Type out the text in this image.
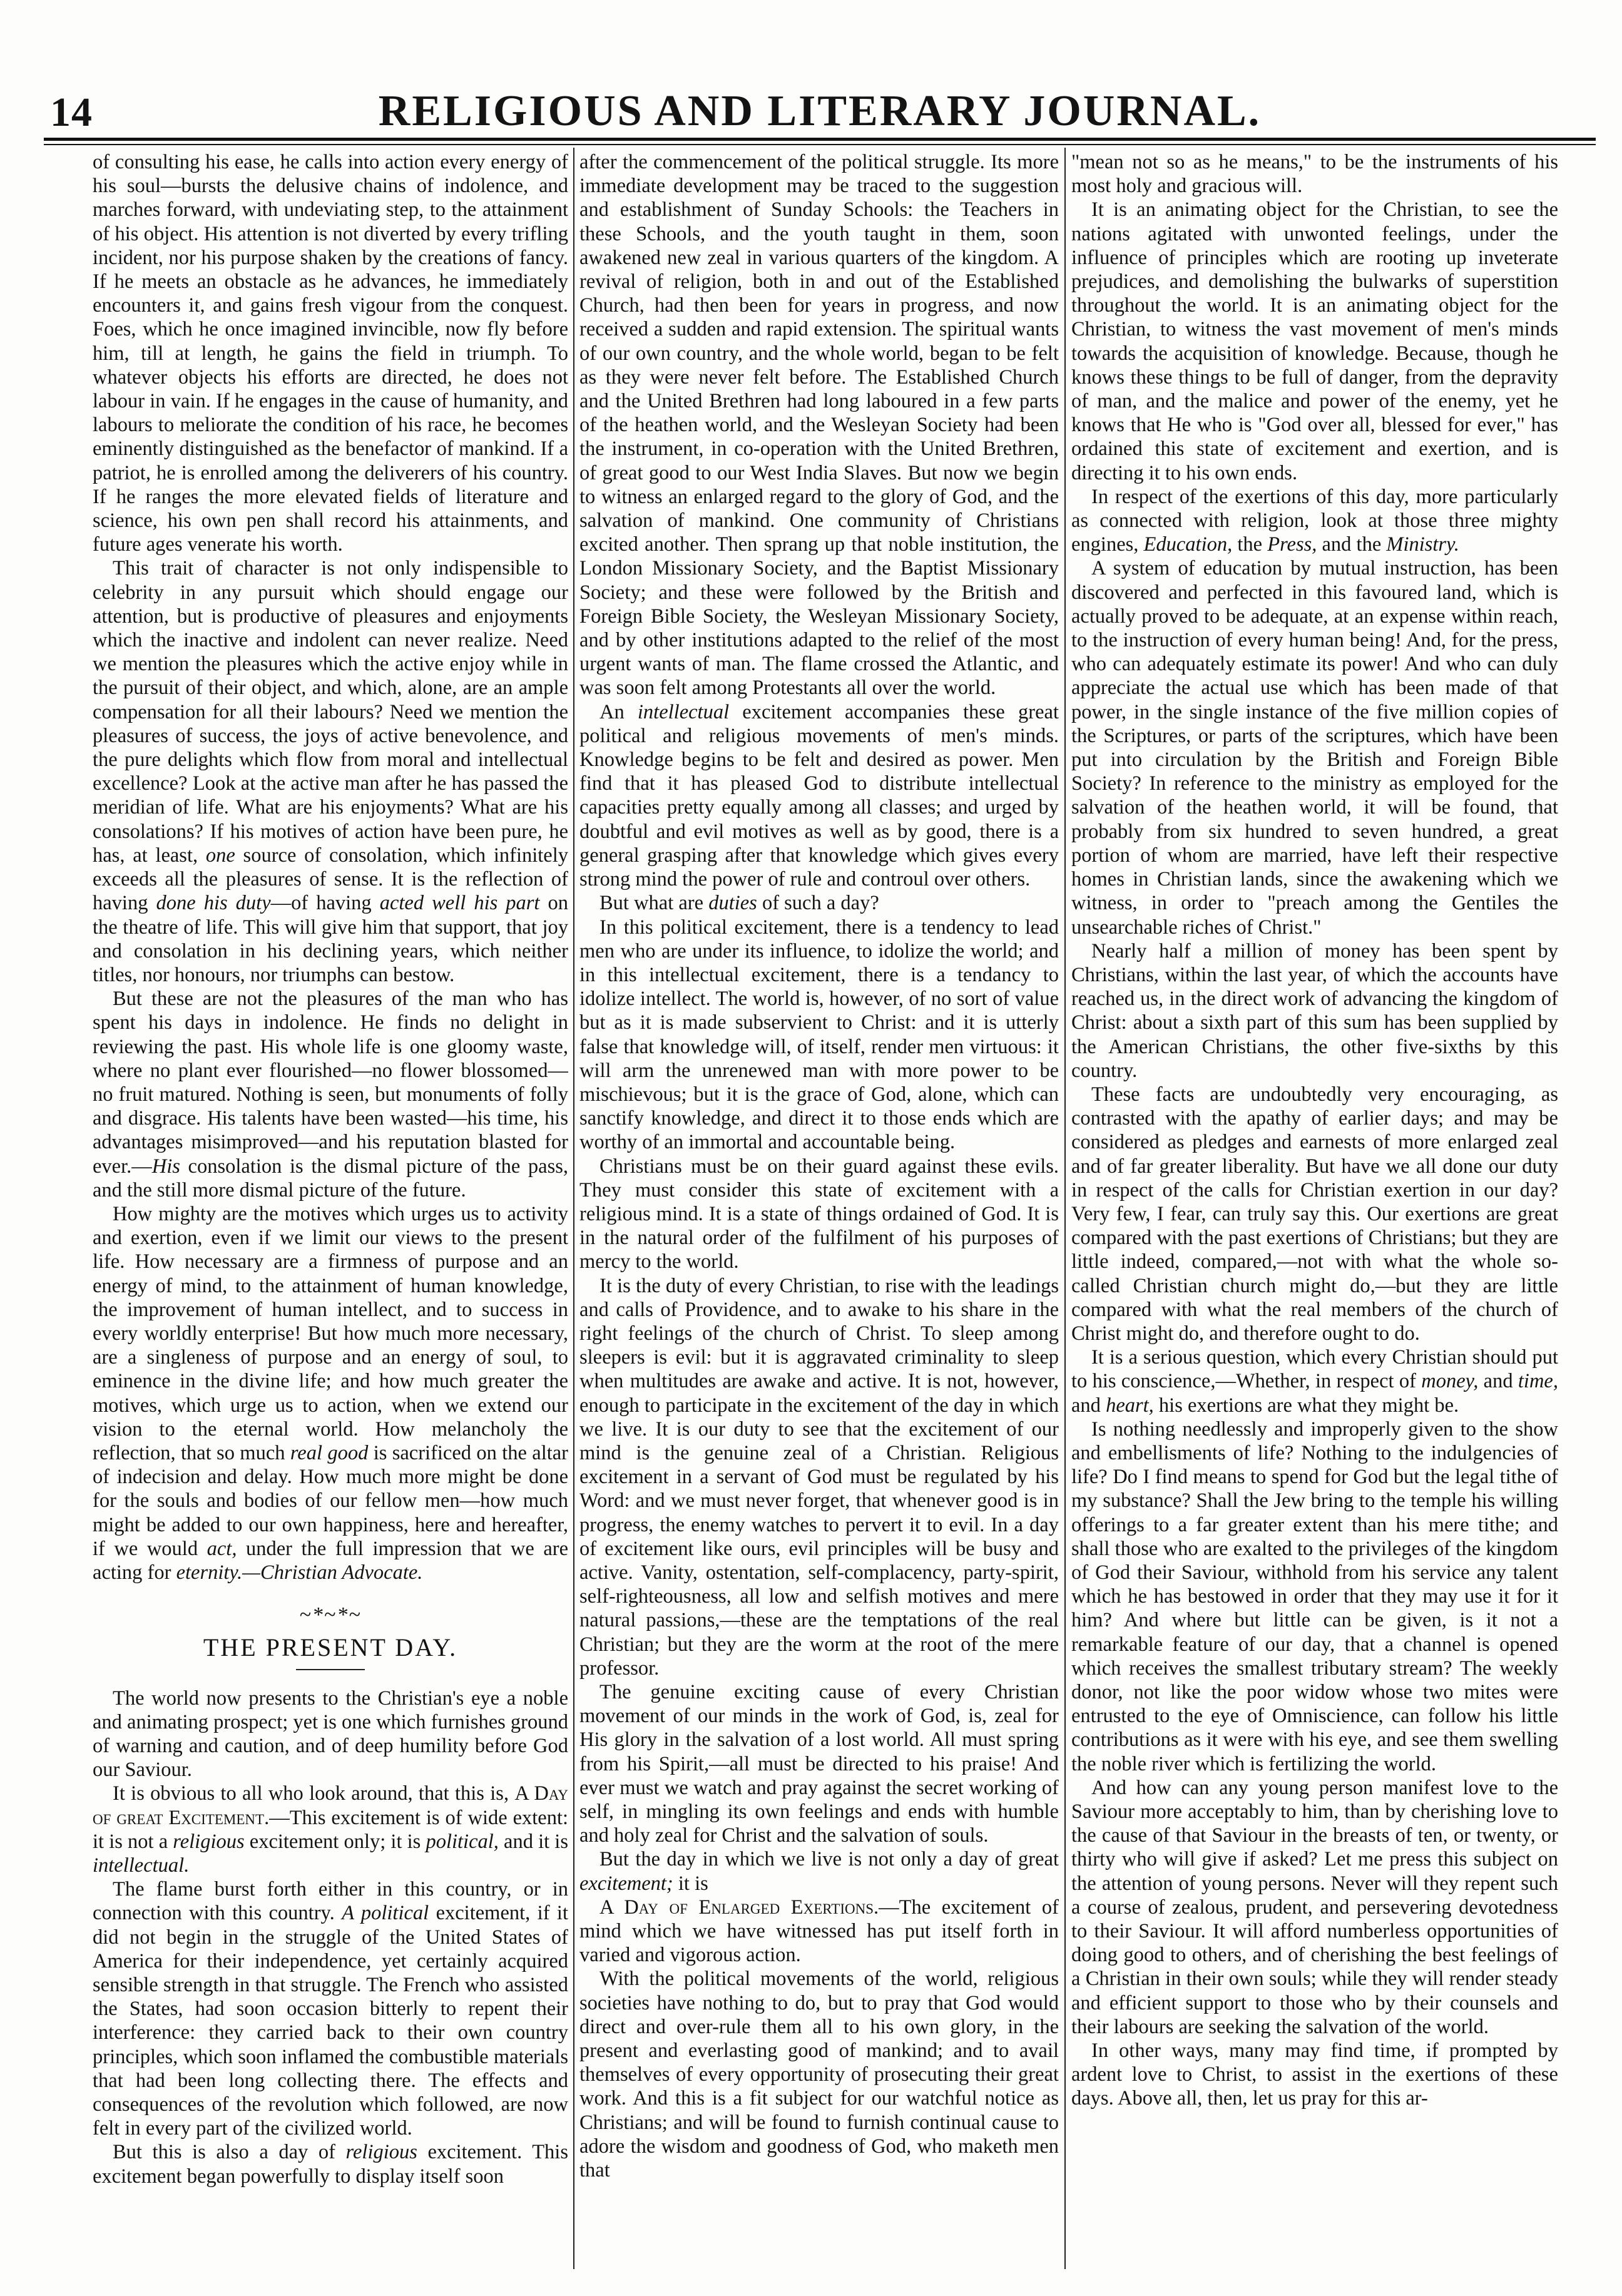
14	RELIGIOUS AND LITERARY JOURNAL.

of consulting his ease, he calls into action every energy of his soul—bursts the delusive chains of indolence, and marches forward, with undeviating step, to the attainment of his object. His attention is not diverted by every trifling incident, nor his purpose shaken by the creations of fancy. If he meets an obstacle as he advances, he immediately encounters it, and gains fresh vigour from the conquest. Foes, which he once imagined invincible, now fly before him, till at length, he gains the field in triumph. To whatever objects his efforts are directed, he does not labour in vain. If he engages in the cause of humanity, and labours to meliorate the condition of his race, he becomes eminently distinguished as the benefactor of mankind. If a patriot, he is enrolled among the deliverers of his country. If he ranges the more elevated fields of literature and science, his own pen shall record his attainments, and future ages venerate his worth.

This trait of character is not only indispensible to celebrity in any pursuit which should engage our attention, but is productive of pleasures and enjoyments which the inactive and indolent can never realize. Need we mention the pleasures which the active enjoy while in the pursuit of their object, and which, alone, are an ample compensation for all their labours? Need we mention the pleasures of success, the joys of active benevolence, and the pure delights which flow from moral and intellectual excellence? Look at the active man after he has passed the meridian of life. What are his enjoyments? What are his consolations? If his motives of action have been pure, he has, at least, one source of consolation, which infinitely exceeds all the pleasures of sense. It is the reflection of having done his duty—of having acted well his part on the theatre of life. This will give him that support, that joy and consolation in his declining years, which neither titles, nor honours, nor triumphs can bestow.

But these are not the pleasures of the man who has spent his days in indolence. He finds no delight in reviewing the past. His whole life is one gloomy waste, where no plant ever flourished—no flower blossomed—no fruit matured. Nothing is seen, but monuments of folly and disgrace. His talents have been wasted—his time, his advantages misimproved—and his reputation blasted for ever.—His consolation is the dismal picture of the pass, and the still more dismal picture of the future.

How mighty are the motives which urges us to activity and exertion, even if we limit our views to the present life. How necessary are a firmness of purpose and an energy of mind, to the attainment of human knowledge, the improvement of human intellect, and to success in every worldly enterprise! But how much more necessary, are a singleness of purpose and an energy of soul, to eminence in the divine life; and how much greater the motives, which urge us to action, when we extend our vision to the eternal world. How melancholy the reflection, that so much real good is sacrificed on the altar of indecision and delay. How much more might be done for the souls and bodies of our fellow men—how much might be added to our own happiness, here and hereafter, if we would act, under the full impression that we are acting for eternity.—Christian Advocate.

~*~*~
THE PRESENT DAY.

The world now presents to the Christian's eye a noble and animating prospect; yet is one which furnishes ground of warning and caution, and of deep humility before God our Saviour.

It is obvious to all who look around, that this is, A Day of great Excitement.—This excitement is of wide extent: it is not a religious excitement only; it is political, and it is intellectual.

The flame burst forth either in this country, or in connection with this country. A political excitement, if it did not begin in the struggle of the United States of America for their independence, yet certainly acquired sensible strength in that struggle. The French who assisted the States, had soon occasion bitterly to repent their interference: they carried back to their own country principles, which soon inflamed the combustible materials that had been long collecting there. The effects and consequences of the revolution which followed, are now felt in every part of the civilized world.

But this is also a day of religious excitement. This excitement began powerfully to display itself soon

after the commencement of the political struggle. Its more immediate development may be traced to the suggestion and establishment of Sunday Schools: the Teachers in these Schools, and the youth taught in them, soon awakened new zeal in various quarters of the kingdom. A revival of religion, both in and out of the Established Church, had then been for years in progress, and now received a sudden and rapid extension. The spiritual wants of our own country, and the whole world, began to be felt as they were never felt before. The Established Church and the United Brethren had long laboured in a few parts of the heathen world, and the Wesleyan Society had been the instrument, in co-operation with the United Brethren, of great good to our West India Slaves. But now we begin to witness an enlarged regard to the glory of God, and the salvation of mankind. One community of Christians excited another. Then sprang up that noble institution, the London Missionary Society, and the Baptist Missionary Society; and these were followed by the British and Foreign Bible Society, the Wesleyan Missionary Society, and by other institutions adapted to the relief of the most urgent wants of man. The flame crossed the Atlantic, and was soon felt among Protestants all over the world.

An intellectual excitement accompanies these great political and religious movements of men's minds. Knowledge begins to be felt and desired as power. Men find that it has pleased God to distribute intellectual capacities pretty equally among all classes; and urged by doubtful and evil motives as well as by good, there is a general grasping after that knowledge which gives every strong mind the power of rule and controul over others.

But what are duties of such a day?

In this political excitement, there is a tendency to lead men who are under its influence, to idolize the world; and in this intellectual excitement, there is a tendancy to idolize intellect. The world is, however, of no sort of value but as it is made subservient to Christ: and it is utterly false that knowledge will, of itself, render men virtuous: it will arm the unrenewed man with more power to be mischievous; but it is the grace of God, alone, which can sanctify knowledge, and direct it to those ends which are worthy of an immortal and accountable being.

Christians must be on their guard against these evils. They must consider this state of excitement with a religious mind. It is a state of things ordained of God. It is in the natural order of the fulfilment of his purposes of mercy to the world.

It is the duty of every Christian, to rise with the leadings and calls of Providence, and to awake to his share in the right feelings of the church of Christ. To sleep among sleepers is evil: but it is aggravated criminality to sleep when multitudes are awake and active. It is not, however, enough to participate in the excitement of the day in which we live. It is our duty to see that the excitement of our mind is the genuine zeal of a Christian. Religious excitement in a servant of God must be regulated by his Word: and we must never forget, that whenever good is in progress, the enemy watches to pervert it to evil. In a day of excitement like ours, evil principles will be busy and active. Vanity, ostentation, self-complacency, party-spirit, self-righteousness, all low and selfish motives and mere natural passions,—these are the temptations of the real Christian; but they are the worm at the root of the mere professor.

The genuine exciting cause of every Christian movement of our minds in the work of God, is, zeal for His glory in the salvation of a lost world. All must spring from his Spirit,—all must be directed to his praise! And ever must we watch and pray against the secret working of self, in mingling its own feelings and ends with humble and holy zeal for Christ and the salvation of souls.

But the day in which we live is not only a day of great excitement; it is

A Day of Enlarged Exertions.—The excitement of mind which we have witnessed has put itself forth in varied and vigorous action.

With the political movements of the world, religious societies have nothing to do, but to pray that God would direct and over-rule them all to his own glory, in the present and everlasting good of mankind; and to avail themselves of every opportunity of prosecuting their great work. And this is a fit subject for our watchful notice as Christians; and will be found to furnish continual cause to adore the wisdom and goodness of God, who maketh men that

"mean not so as he means," to be the instruments of his most holy and gracious will.

It is an animating object for the Christian, to see the nations agitated with unwonted feelings, under the influence of principles which are rooting up inveterate prejudices, and demolishing the bulwarks of superstition throughout the world. It is an animating object for the Christian, to witness the vast movement of men's minds towards the acquisition of knowledge. Because, though he knows these things to be full of danger, from the depravity of man, and the malice and power of the enemy, yet he knows that He who is "God over all, blessed for ever," has ordained this state of excitement and exertion, and is directing it to his own ends.

In respect of the exertions of this day, more particularly as connected with religion, look at those three mighty engines, Education, the Press, and the Ministry.

A system of education by mutual instruction, has been discovered and perfected in this favoured land, which is actually proved to be adequate, at an expense within reach, to the instruction of every human being! And, for the press, who can adequately estimate its power! And who can duly appreciate the actual use which has been made of that power, in the single instance of the five million copies of the Scriptures, or parts of the scriptures, which have been put into circulation by the British and Foreign Bible Society? In reference to the ministry as employed for the salvation of the heathen world, it will be found, that probably from six hundred to seven hundred, a great portion of whom are married, have left their respective homes in Christian lands, since the awakening which we witness, in order to "preach among the Gentiles the unsearchable riches of Christ."

Nearly half a million of money has been spent by Christians, within the last year, of which the accounts have reached us, in the direct work of advancing the kingdom of Christ: about a sixth part of this sum has been supplied by the American Christians, the other five-sixths by this country.

These facts are undoubtedly very encouraging, as contrasted with the apathy of earlier days; and may be considered as pledges and earnests of more enlarged zeal and of far greater liberality. But have we all done our duty in respect of the calls for Christian exertion in our day? Very few, I fear, can truly say this. Our exertions are great compared with the past exertions of Christians; but they are little indeed, compared,—not with what the whole so-called Christian church might do,—but they are little compared with what the real members of the church of Christ might do, and therefore ought to do.

It is a serious question, which every Christian should put to his conscience,—Whether, in respect of money, and time, and heart, his exertions are what they might be.

Is nothing needlessly and improperly given to the show and embellisments of life? Nothing to the indulgencies of life? Do I find means to spend for God but the legal tithe of my substance? Shall the Jew bring to the temple his willing offerings to a far greater extent than his mere tithe; and shall those who are exalted to the privileges of the kingdom of God their Saviour, withhold from his service any talent which he has bestowed in order that they may use it for it him? And where but little can be given, is it not a remarkable feature of our day, that a channel is opened which receives the smallest tributary stream? The weekly donor, not like the poor widow whose two mites were entrusted to the eye of Omniscience, can follow his little contributions as it were with his eye, and see them swelling the noble river which is fertilizing the world.

And how can any young person manifest love to the Saviour more acceptably to him, than by cherishing love to the cause of that Saviour in the breasts of ten, or twenty, or thirty who will give if asked? Let me press this subject on the attention of young persons. Never will they repent such a course of zealous, prudent, and persevering devotedness to their Saviour. It will afford numberless opportunities of doing good to others, and of cherishing the best feelings of a Christian in their own souls; while they will render steady and efficient support to those who by their counsels and their labours are seeking the salvation of the world.

In other ways, many may find time, if prompted by ardent love to Christ, to assist in the exertions of these days. Above all, then, let us pray for this ar-
